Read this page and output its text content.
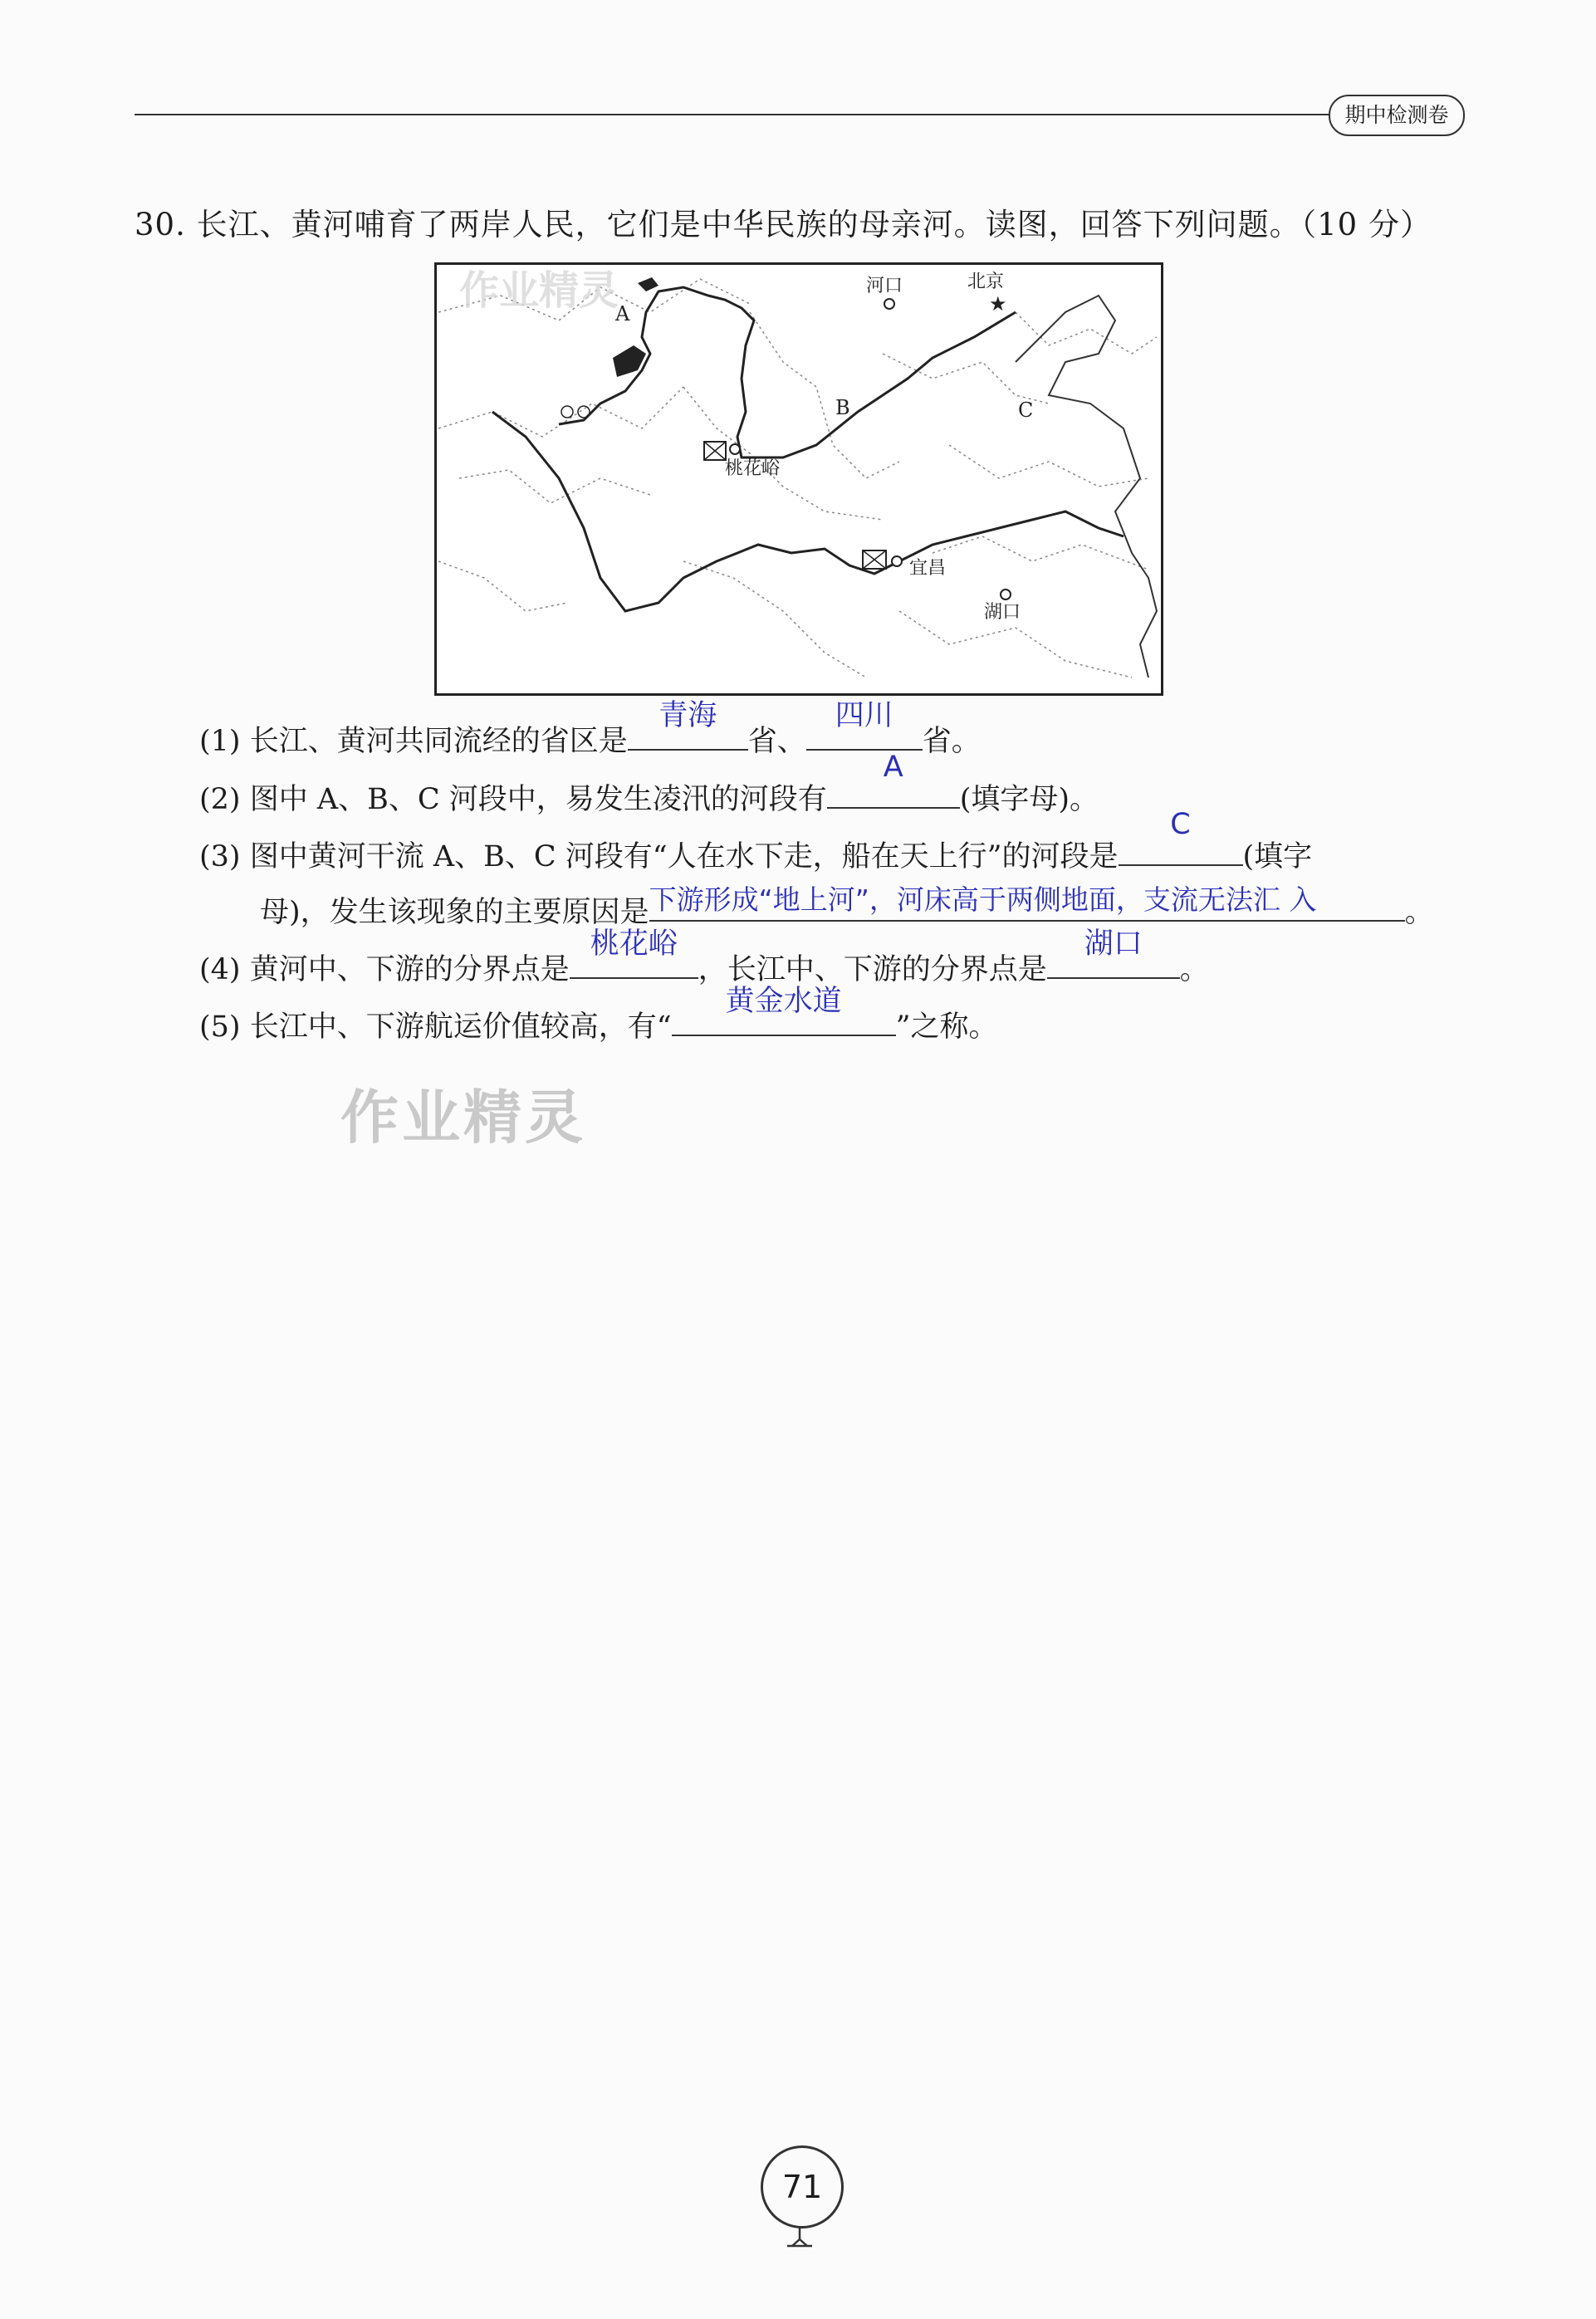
期中检测卷
30. 长江、黄河哺育了两岸人民，它们是中华民族的母亲河。读图，回答下列问题。（10 分）
★
河口	北京
桃花峪
宜昌
湖口
A
B	C
作业精灵
(1) 长江、黄河共同流经的省区是
青海
省、
四川
省。
(2) 图中 A、B、C 河段中，易发生凌汛的河段有
A
(填字母)。
(3) 图中黄河干流 A、B、C 河段有“人在水下走，船在天上行”的河段是
C
(填字
母)，发生该现象的主要原因是 下游形成“地上河”，河床高于两侧地面，支流无法汇 入	。
(4) 黄河中、下游的分界点是
桃花峪
，长江中、下游的分界点是
湖口
。
(5) 长江中、下游航运价值较高，有“
黄金水道
”之称。
作业精灵
71
